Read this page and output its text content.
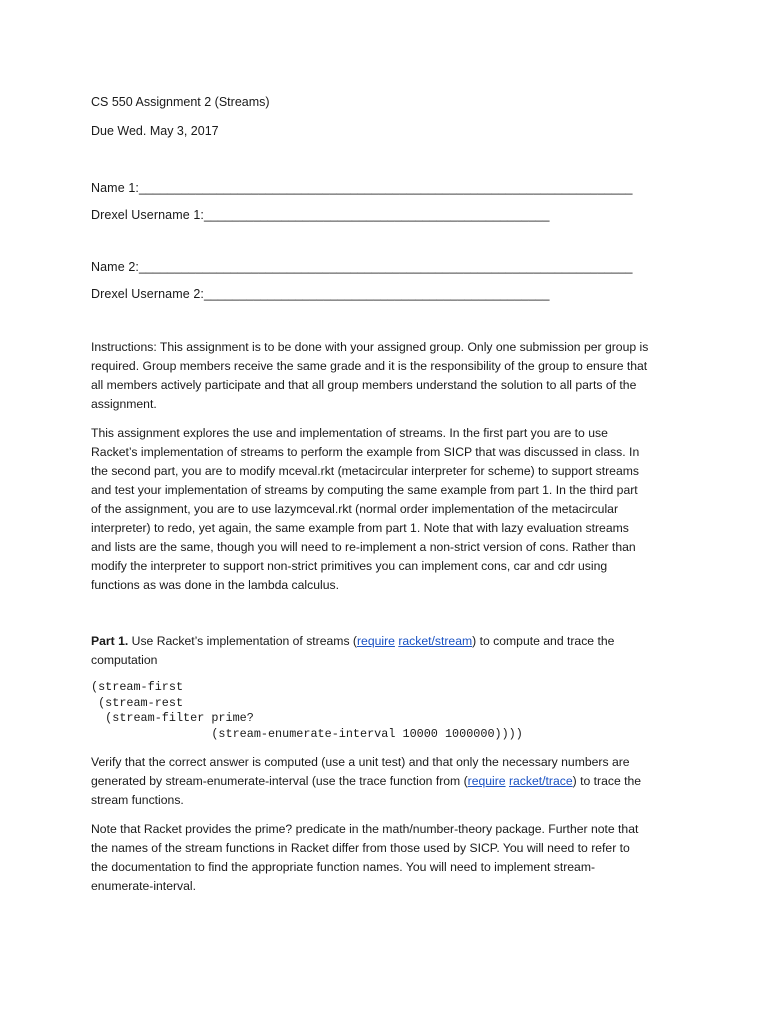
CS 550 Assignment 2 (Streams)
Due Wed. May 3, 2017
Name 1:______________________________________________________________________
Drexel Username 1:_________________________________________________
Name 2:______________________________________________________________________
Drexel Username 2:_________________________________________________
Instructions: This assignment is to be done with your assigned group. Only one submission per group is
required. Group members receive the same grade and it is the responsibility of the group to ensure that
all members actively participate and that all group members understand the solution to all parts of the
assignment.
This assignment explores the use and implementation of streams. In the first part you are to use
Racket’s implementation of streams to perform the example from SICP that was discussed in class. In
the second part, you are to modify mceval.rkt (metacircular interpreter for scheme) to support streams
and test your implementation of streams by computing the same example from part 1. In the third part
of the assignment, you are to use lazymceval.rkt (normal order implementation of the metacircular
interpreter) to redo, yet again, the same example from part 1. Note that with lazy evaluation streams
and lists are the same, though you will need to re-implement a non-strict version of cons. Rather than
modify the interpreter to support non-strict primitives you can implement cons, car and cdr using
functions as was done in the lambda calculus.
Part 1. Use Racket’s implementation of streams (require racket/stream) to compute and trace the
computation
(stream-first
(stream-rest
(stream-filter prime?
(stream-enumerate-interval 10000 1000000))))
Verify that the correct answer is computed (use a unit test) and that only the necessary numbers are
generated by stream-enumerate-interval (use the trace function from (require racket/trace) to trace the
stream functions.
Note that Racket provides the prime? predicate in the math/number-theory package. Further note that
the names of the stream functions in Racket differ from those used by SICP. You will need to refer to
the documentation to find the appropriate function names. You will need to implement stream-
enumerate-interval.
